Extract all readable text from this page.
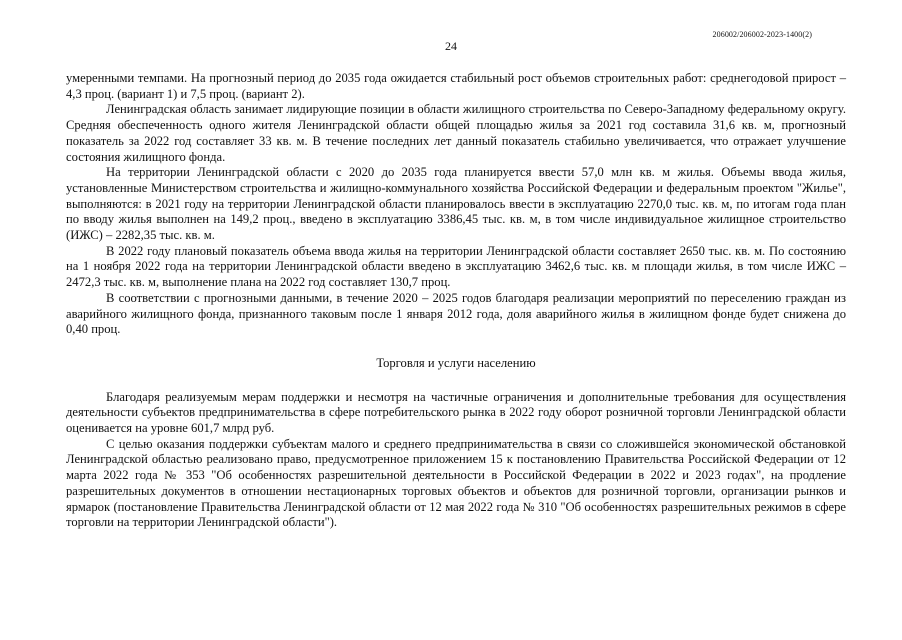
206002/206002-2023-1400(2)
24

умеренными темпами. На прогнозный период до 2035 года ожидается стабильный рост объемов строительных работ: среднегодовой прирост – 4,3 проц. (вариант 1) и 7,5 проц. (вариант 2).

Ленинградская область занимает лидирующие позиции в области жилищного строительства по Северо-Западному федеральному округу. Средняя обеспеченность одного жителя Ленинградской области общей площадью жилья за 2021 год составила 31,6 кв. м, прогнозный показатель за 2022 год составляет 33 кв. м. В течение последних лет данный показатель стабильно увеличивается, что отражает улучшение состояния жилищного фонда.

На территории Ленинградской области с 2020 до 2035 года планируется ввести 57,0 млн кв. м жилья. Объемы ввода жилья, установленные Министерством строительства и жилищно-коммунального хозяйства Российской Федерации и федеральным проектом "Жилье", выполняются: в 2021 году на территории Ленинградской области планировалось ввести в эксплуатацию 2270,0 тыс. кв. м, по итогам года план по вводу жилья выполнен на 149,2 проц., введено в эксплуатацию 3386,45 тыс. кв. м, в том числе индивидуальное жилищное строительство (ИЖС) – 2282,35 тыс. кв. м.

В 2022 году плановый показатель объема ввода жилья на территории Ленинградской области составляет 2650 тыс. кв. м. По состоянию на 1 ноября 2022 года на территории Ленинградской области введено в эксплуатацию 3462,6 тыс. кв. м площади жилья, в том числе ИЖС – 2472,3 тыс. кв. м, выполнение плана на 2022 год составляет 130,7 проц.

В соответствии с прогнозными данными, в течение 2020 – 2025 годов благодаря реализации мероприятий по переселению граждан из аварийного жилищного фонда, признанного таковым после 1 января 2012 года, доля аварийного жилья в жилищном фонде будет снижена до 0,40 проц.

Торговля и услуги населению

Благодаря реализуемым мерам поддержки и несмотря на частичные ограничения и дополнительные требования для осуществления деятельности субъектов предпринимательства в сфере потребительского рынка в 2022 году оборот розничной торговли Ленинградской области оценивается на уровне 601,7 млрд руб.

С целью оказания поддержки субъектам малого и среднего предпринимательства в связи со сложившейся экономической обстановкой Ленинградской областью реализовано право, предусмотренное приложением 15 к постановлению Правительства Российской Федерации от 12 марта 2022 года № 353 "Об особенностях разрешительной деятельности в Российской Федерации в 2022 и 2023 годах", на продление разрешительных документов в отношении нестационарных торговых объектов и объектов для розничной торговли, организации рынков и ярмарок (постановление Правительства Ленинградской области от 12 мая 2022 года № 310 "Об особенностях разрешительных режимов в сфере торговли на территории Ленинградской области").
